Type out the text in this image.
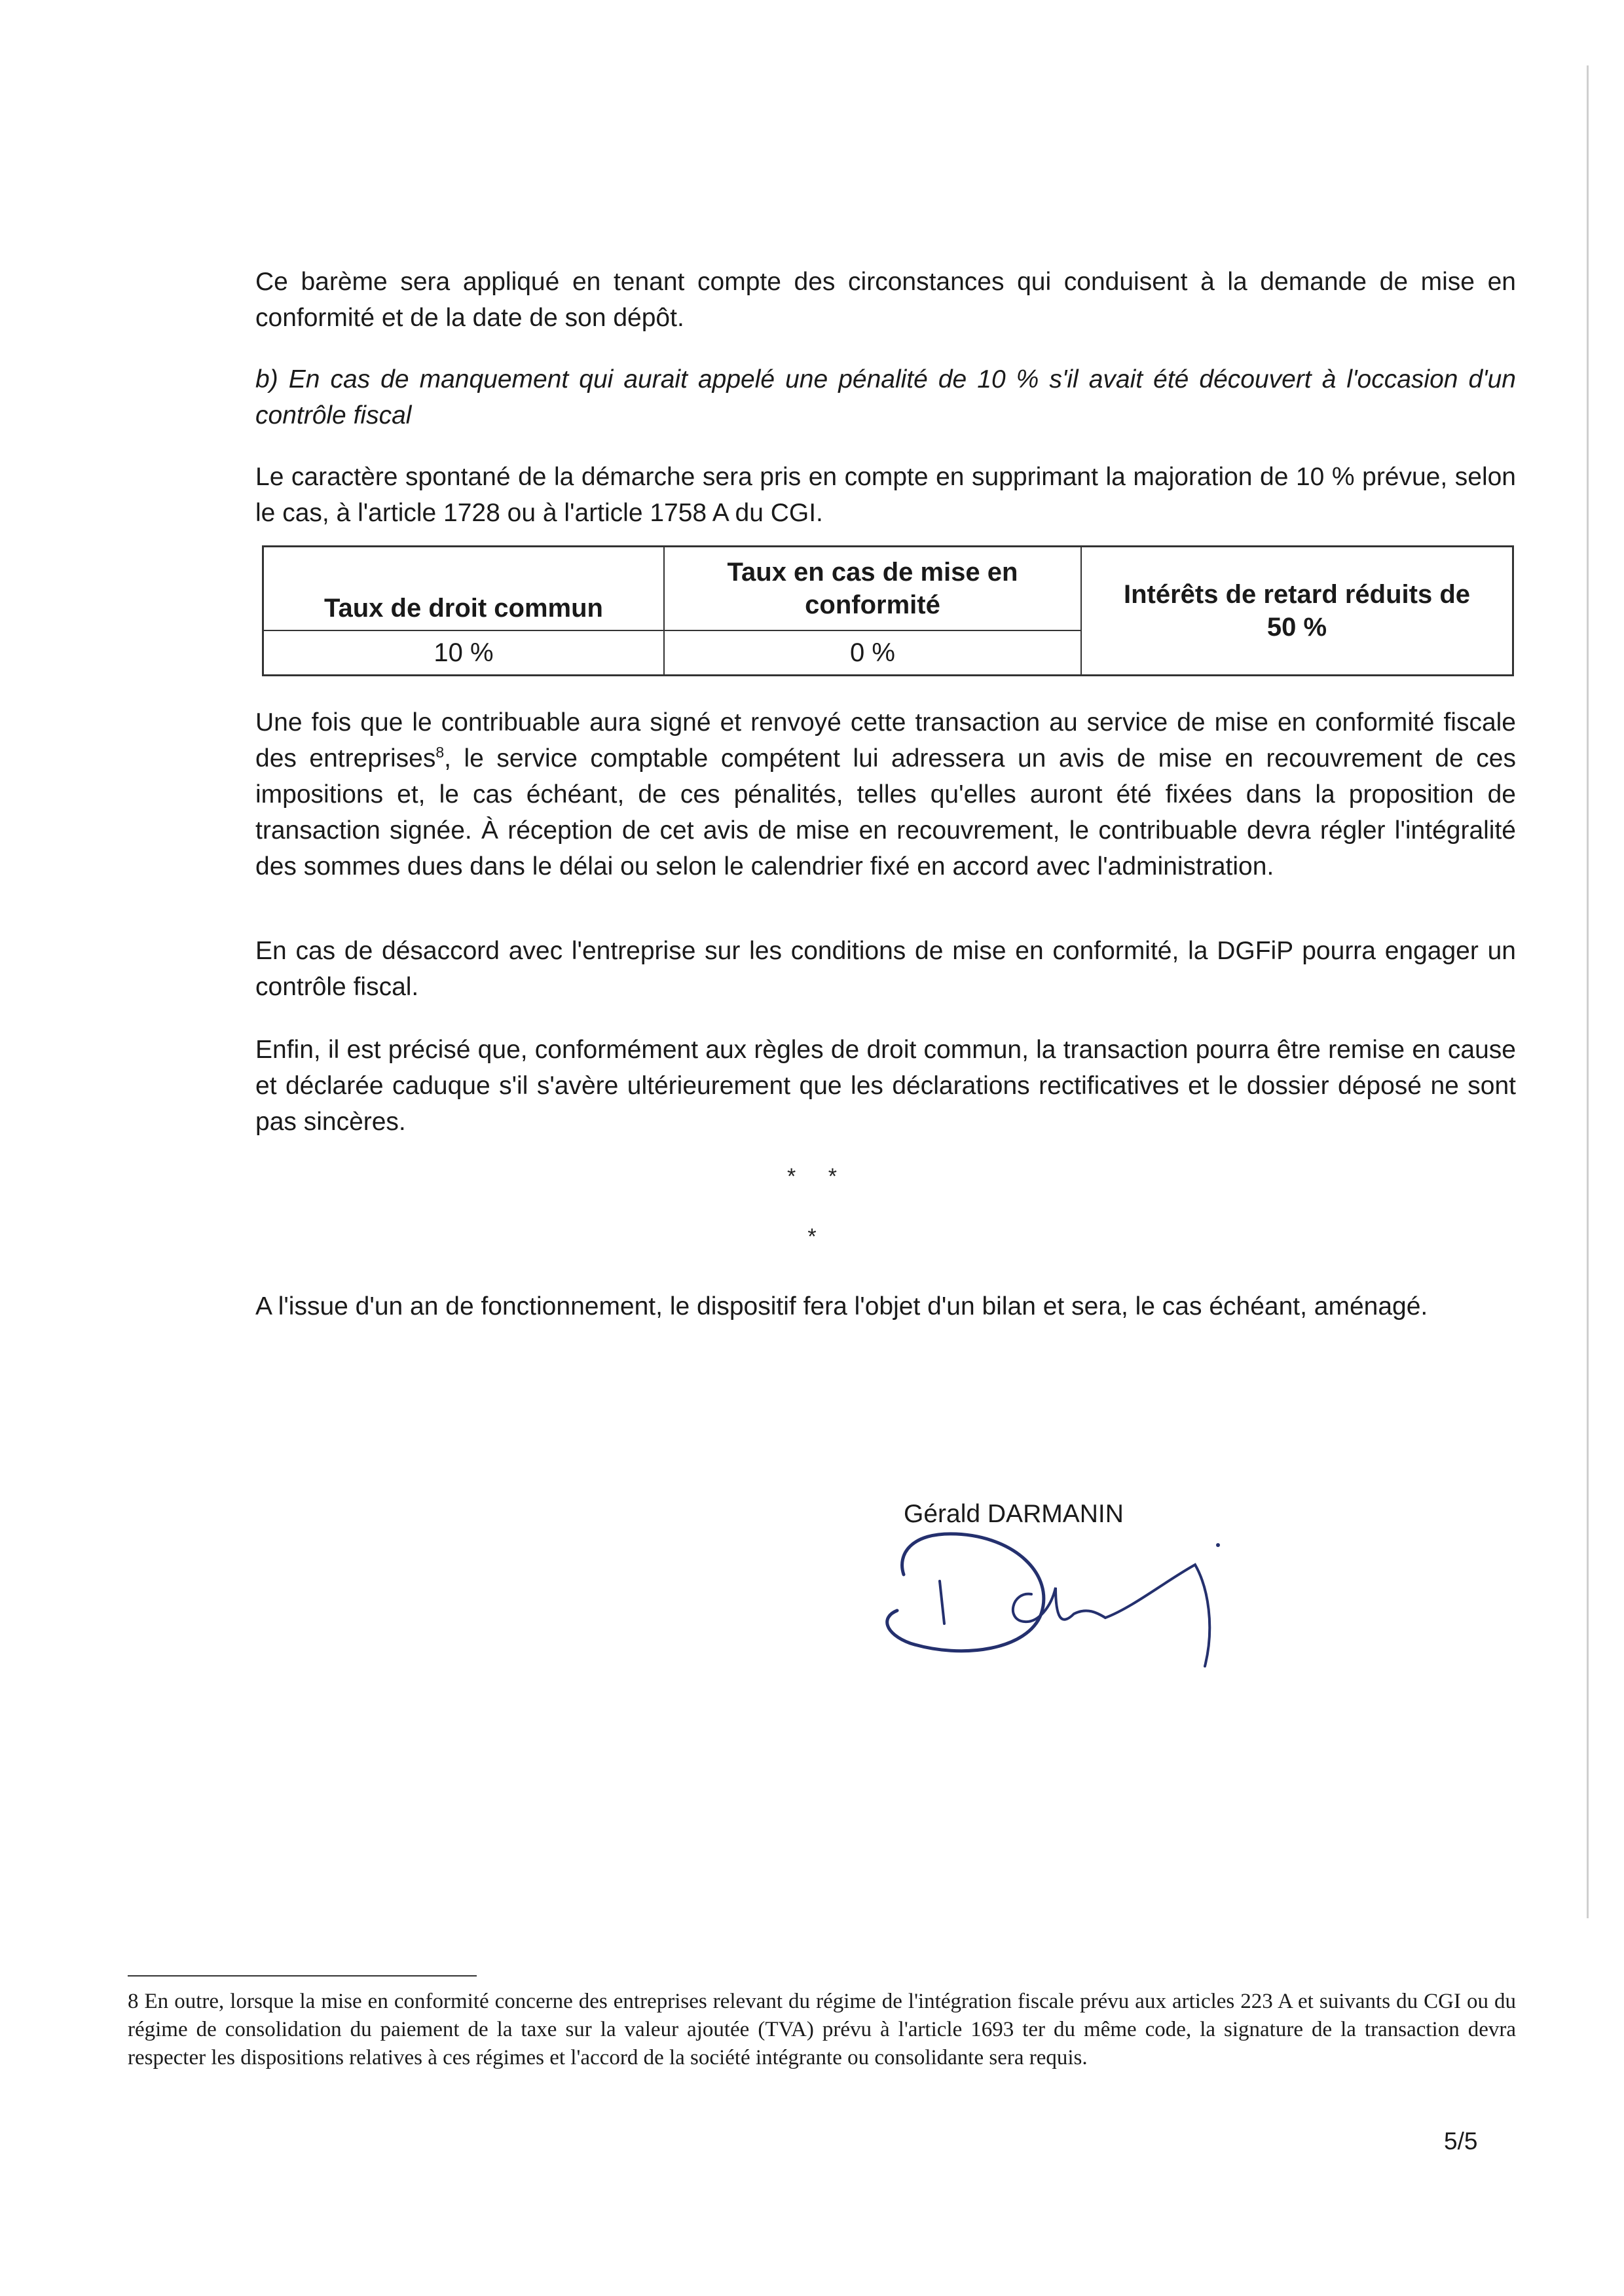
Ce barème sera appliqué en tenant compte des circonstances qui conduisent à la demande de mise en conformité et de la date de son dépôt.

b) En cas de manquement qui aurait appelé une pénalité de 10 % s'il avait été découvert à l'occasion d'un contrôle fiscal

Le caractère spontané de la démarche sera pris en compte en supprimant la majoration de 10 % prévue, selon le cas, à l'article 1728 ou à l'article 1758 A du CGI.

Taux de droit commun
Taux en cas de mise en conformité	Intérêts de retard réduits de 50 %
10 %	0 %

Une fois que le contribuable aura signé et renvoyé cette transaction au service de mise en conformité fiscale des entreprises$^8$, le service comptable compétent lui adressera un avis de mise en recouvrement de ces impositions et, le cas échéant, de ces pénalités, telles qu'elles auront été fixées dans la proposition de transaction signée. À réception de cet avis de mise en recouvrement, le contribuable devra régler l'intégralité des sommes dues dans le délai ou selon le calendrier fixé en accord avec l'administration.

En cas de désaccord avec l'entreprise sur les conditions de mise en conformité, la DGFiP pourra engager un contrôle fiscal.

Enfin, il est précisé que, conformément aux règles de droit commun, la transaction pourra être remise en cause et déclarée caduque s'il s'avère ultérieurement que les déclarations rectificatives et le dossier déposé ne sont pas sincères.

* *
*

A l'issue d'un an de fonctionnement, le dispositif fera l'objet d'un bilan et sera, le cas échéant, aménagé.

Gérald DARMANIN

8 En outre, lorsque la mise en conformité concerne des entreprises relevant du régime de l'intégration fiscale prévu aux articles 223 A et suivants du CGI ou du régime de consolidation du paiement de la taxe sur la valeur ajoutée (TVA) prévu à l'article 1693 ter du même code, la signature de la transaction devra respecter les dispositions relatives à ces régimes et l'accord de la société intégrante ou consolidante sera requis.

5/5
